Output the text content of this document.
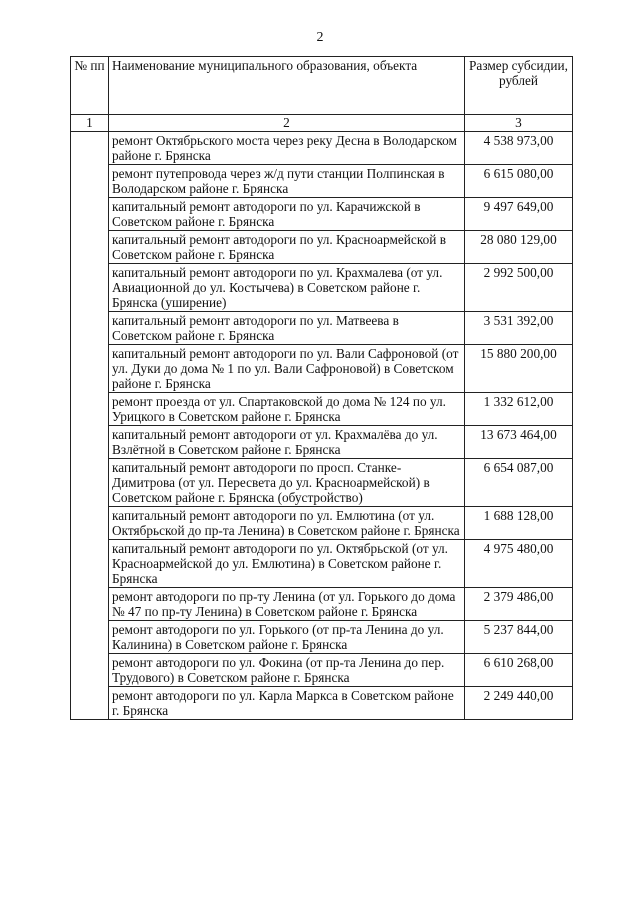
2
№ пп	Наименование муниципального образования, объекта	Размер субсидии, рублей
1	2	3
	ремонт Октябрьского моста через реку Десна в Володарском районе г. Брянска	4 538 973,00
	ремонт путепровода через ж/д пути станции Полпинская в Володарском районе г. Брянска	6 615 080,00
	капитальный ремонт автодороги по ул. Карачижской в Советском районе г. Брянска	9 497 649,00
	капитальный ремонт автодороги по ул. Красноармейской в Советском районе г. Брянска	28 080 129,00
	капитальный ремонт автодороги по ул. Крахмалева (от ул. Авиационной до ул. Костычева) в Советском районе г. Брянска (уширение)	2 992 500,00
	капитальный ремонт автодороги по ул. Матвеева в Советском районе г. Брянска	3 531 392,00
	капитальный ремонт автодороги по ул. Вали Сафроновой (от ул. Дуки до дома № 1 по ул. Вали Сафроновой) в Советском районе г. Брянска	15 880 200,00
	ремонт проезда от ул. Спартаковской до дома № 124 по ул. Урицкого в Советском районе г. Брянска	1 332 612,00
	капитальный ремонт автодороги от ул. Крахмалёва до ул. Взлётной в Советском районе г. Брянска	13 673 464,00
	капитальный ремонт автодороги по просп. Станке-Димитрова (от ул. Пересвета до ул. Красноармейской) в Советском районе г. Брянска (обустройство)	6 654 087,00
	капитальный ремонт автодороги по ул. Емлютина (от ул. Октябрьской до пр-та Ленина) в Советском районе г. Брянска	1 688 128,00
	капитальный ремонт автодороги по ул. Октябрьской (от ул. Красноармейской до ул. Емлютина) в Советском районе г. Брянска	4 975 480,00
	ремонт автодороги по пр-ту Ленина (от ул. Горького до дома № 47 по пр-ту Ленина) в Советском районе г. Брянска	2 379 486,00
	ремонт автодороги по ул. Горького (от пр-та Ленина до ул. Калинина) в Советском районе г. Брянска	5 237 844,00
	ремонт автодороги по ул. Фокина (от пр-та Ленина до пер. Трудового) в Советском районе г. Брянска	6 610 268,00
	ремонт автодороги по ул. Карла Маркса в Советском районе г. Брянска	2 249 440,00
